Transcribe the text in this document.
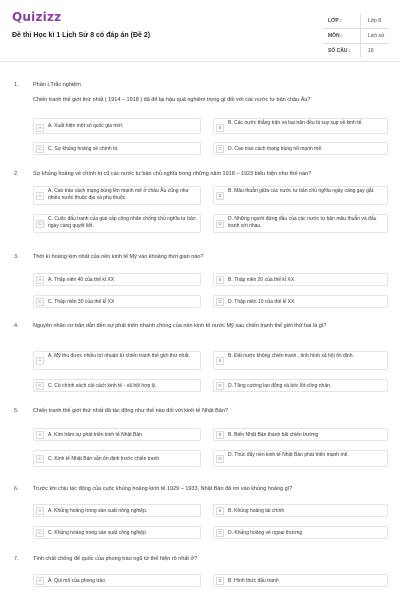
Quizizz
Đề thi Học kì 1 Lịch Sử 8 có đáp án (Đề 2)
LỚP :	Lớp 8
MÔN :	Lịch sử
SỐ CÂU :	10
1.	Phần I.Trắc nghiệm
Chiến tranh thế giới thứ nhất ( 1914 – 1918 ) đã để lại hậu quả nghiêm trọng gì đối với các nước tư bản châu Âu?
A	A. Xuất hiện một số quốc gia mới.	B
B. Các nước thắng trận và bại trận đều bị suy sụp về kinh tế.
C	C. Sự khủng hoảng về chính trị.	D	D. Cao trào cách mạng bùng nổ mạnh mẽ.
2.	Sự khủng hoảng về chính trị cũ các nước tư bản chủ nghĩa trong những năm 1918 – 1923 biểu hiện như thế nào?
A
A. Cao trào cách mạng bùng lên mạnh mẽ ở châu Âu cũng như nhiều nước thuộc địa và phụ thuộc.	B
B. Mâu thuẫn giữa các nước tư bản chủ nghĩa ngày càng gay gắt.
C
C. Cuộc đấu tranh của giai cấp công nhân chống chủ nghĩa tư bản ngày càng quyết liệt.	D
D. Những người đứng đầu của các nước tư bản mâu thuẫn và đấu tranh với nhau.
3.	Thời kì hoàng kim nhất của nền kinh tế Mỹ vào khoảng thời gian nào?
A	A. Thập niên 40 của thế kỉ XX	B	B. Thập niên 20 của thế kỉ XX
C	C. Thập niên 30 của thế kỉ XX	D	D. Thập niên 10 của thế kỉ XX
4.	Nguyên nhân cơ bản dẫn đến sự phát triển nhanh chóng của nền kinh tế nước Mỹ sau chiến tranh thế giới thứ hai là gì?
A
A. Mỹ thu được nhiều lợi nhuận từ chiến tranh thế giới thứ nhất.
B
B. Đất nước không chiến tranh , tình hình xã hội ổn định.
C	C. Có chính sách cải cách kinh tế - xã hội hợp lý.	D	D. Tăng cường lao động và bóc lột công nhân.
5.	Chiến tranh thế giới thứ nhất đã tác động như thế nào đối với kinh tế Nhật Bản?
A	A. Kìm hãm sự phát triển kinh tế Nhật Bản	B	B. Biến Nhật Bản thành bãi chiến trường
C	C. Kinh tế Nhật Bản vẫn ổn định trước chiến tranh	D
D. Thúc đẩy nền kinh tế Nhật Bản phát triển mạnh mẽ.
6.	Trước khi chịu tác động của cuộc khủng hoảng kinh tế 1929 – 1933, Nhật Bản đã rơi vào khủng hoảng gì?
A	A. Khủng hoảng trong sản xuất nông nghiệp.	B	B. Khủng hoảng tài chính
C	C. Khủng hoảng trong sản xuất công nghiệp	D	D. Khủng hoảng về ngoại thương
7.	Tính chất chống đế quốc của phong trào ngũ tứ thể hiện rõ nhất ở?
A	A. Qui mô của phong trào	B	B. Hình thức đấu tranh
